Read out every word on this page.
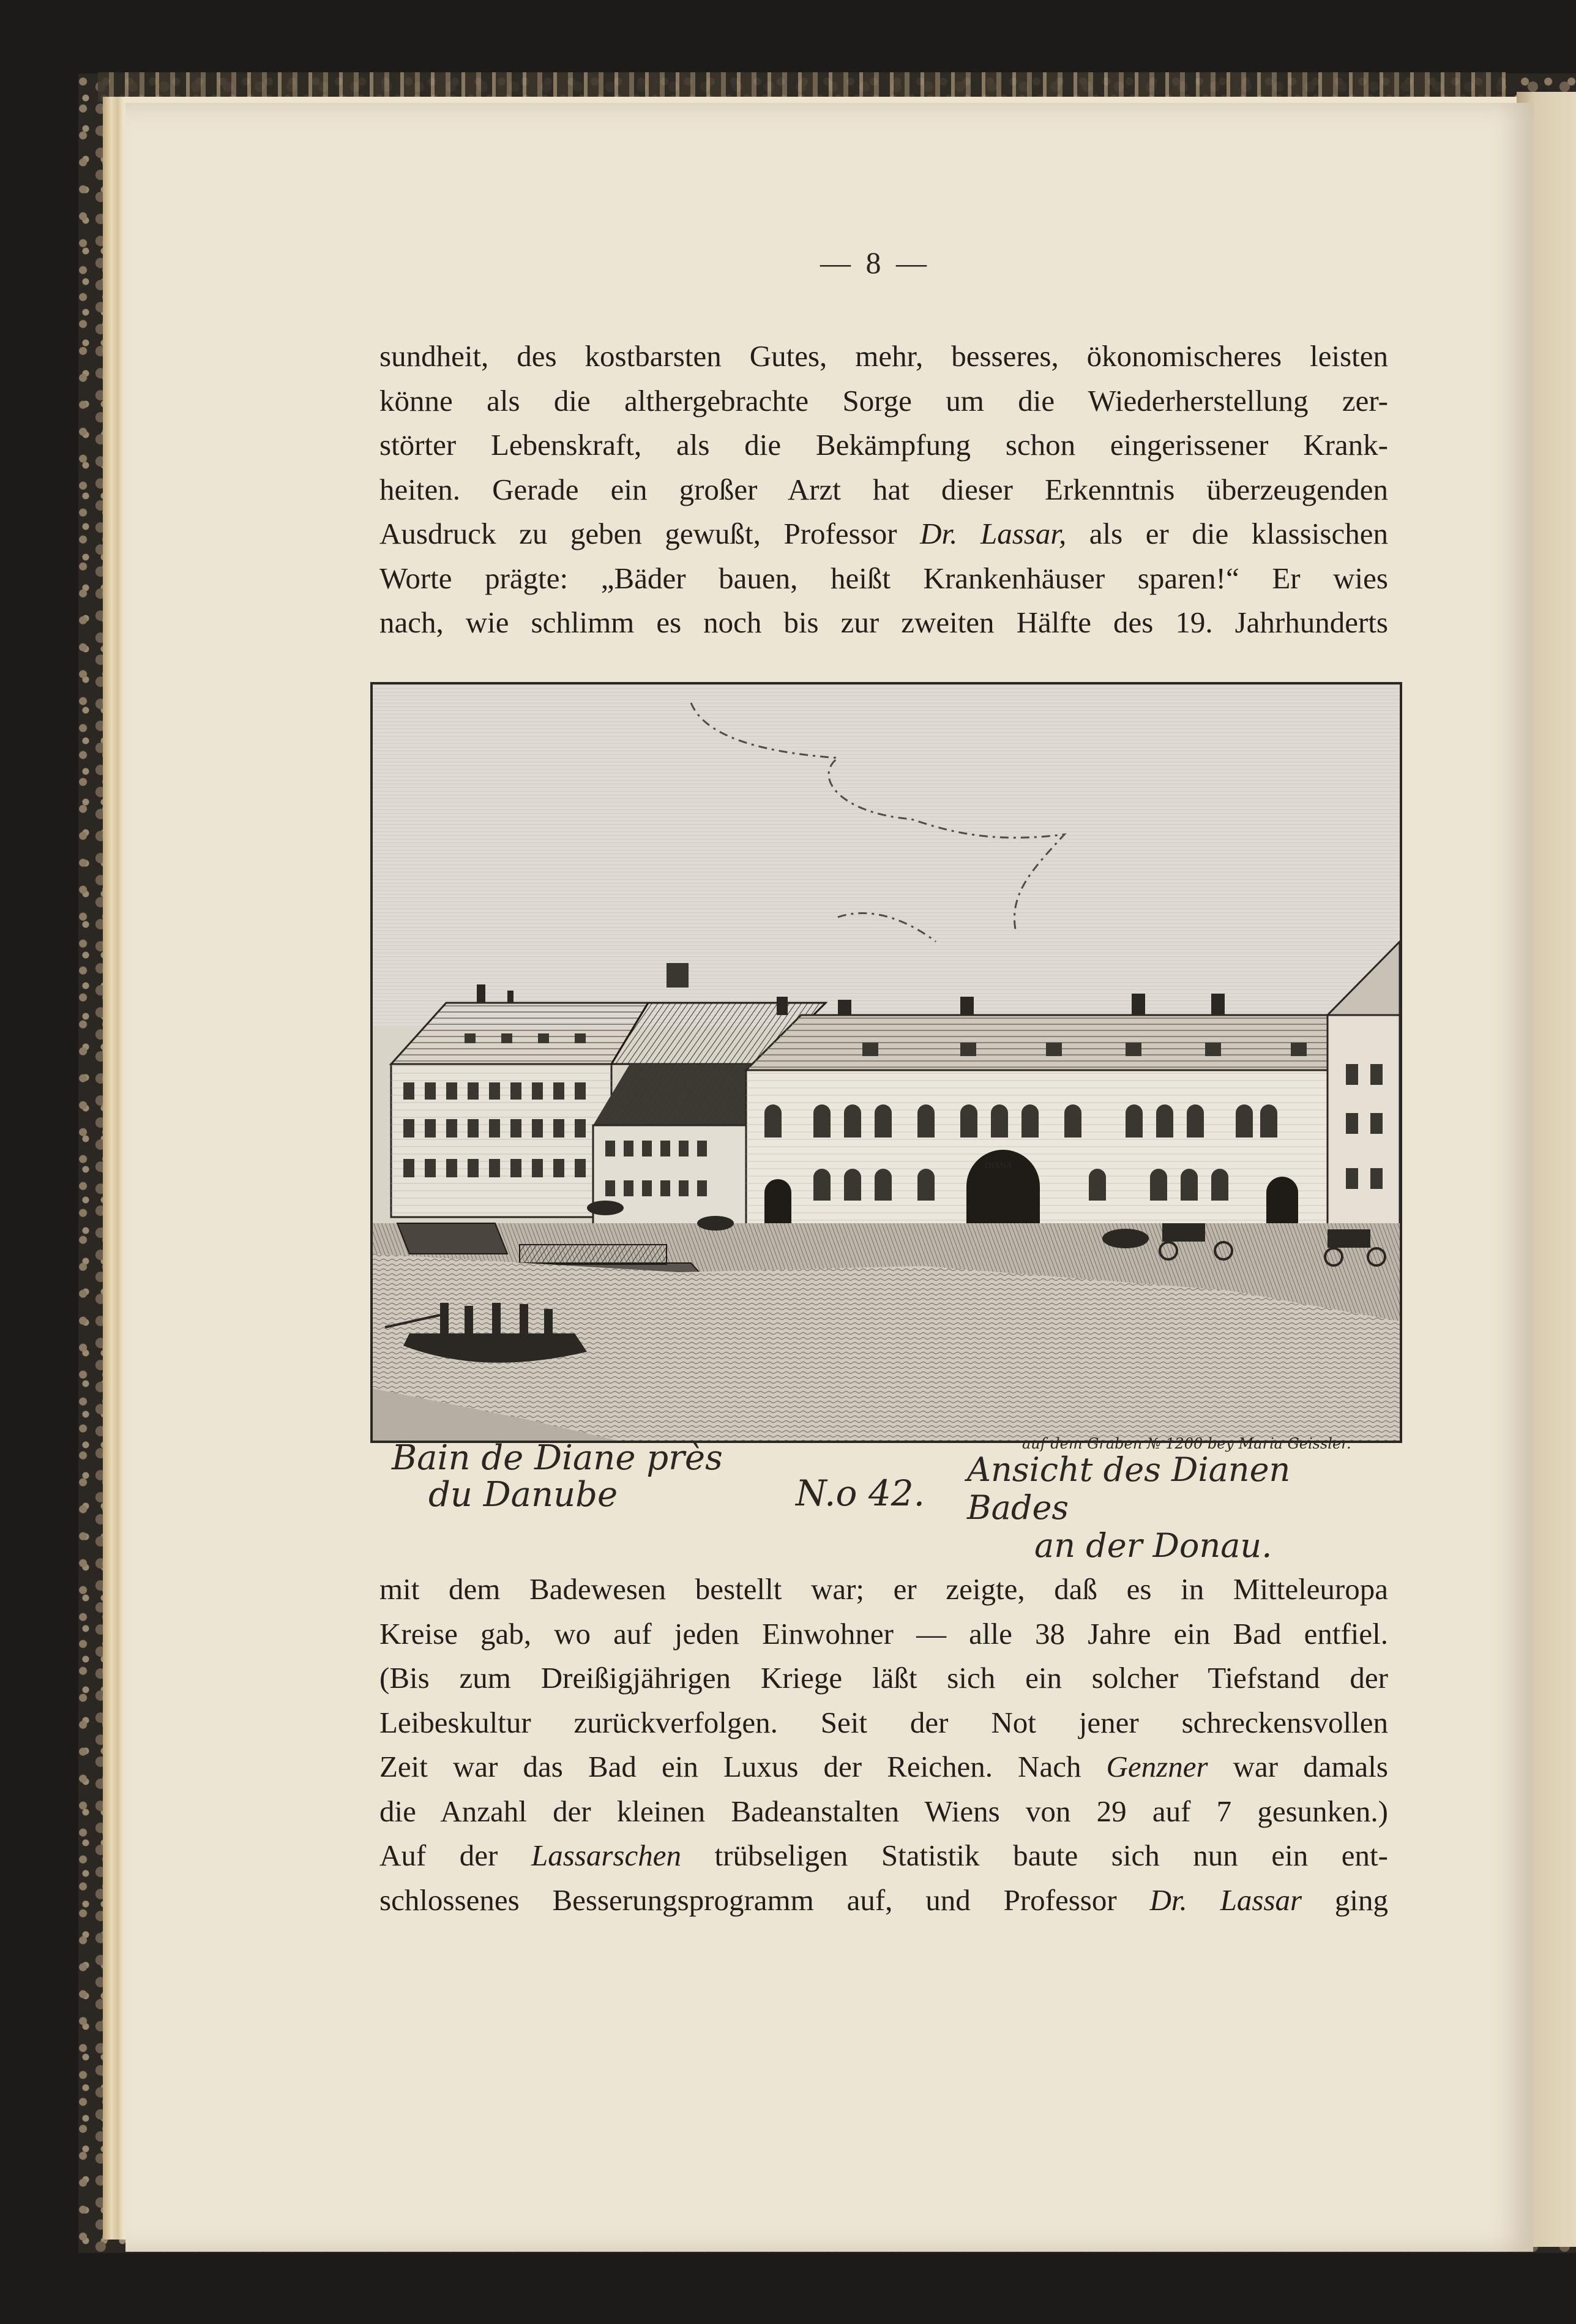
— 8 —
sundheit, des kostbarsten Gutes, mehr, besseres, ökonomischeres leisten
könne als die althergebrachte Sorge um die Wiederherstellung zer-
störter Lebenskraft, als die Bekämpfung schon eingerissener Krank-
heiten. Gerade ein großer Arzt hat dieser Erkenntnis überzeugenden
Ausdruck zu geben gewußt, Professor Dr. Lassar, als er die klassischen
Worte prägte: „Bäder bauen, heißt Krankenhäuser sparen!“ Er wies
nach, wie schlimm es noch bis zur zweiten Hälfte des 19. Jahrhunderts
DIANA
Bain de Diane près
du Danube	N.o 42.
auf dem Graben № 1200 bey Maria Geissler.
Ansicht des Dianen Bades
an der Donau.
mit dem Badewesen bestellt war; er zeigte, daß es in Mitteleuropa
Kreise gab, wo auf jeden Einwohner — alle 38 Jahre ein Bad entfiel.
(Bis zum Dreißigjährigen Kriege läßt sich ein solcher Tiefstand der
Leibeskultur zurückverfolgen. Seit der Not jener schreckensvollen
Zeit war das Bad ein Luxus der Reichen. Nach Genzner war damals
die Anzahl der kleinen Badeanstalten Wiens von 29 auf 7 gesunken.)
Auf der Lassarschen trübseligen Statistik baute sich nun ein ent-
schlossenes Besserungsprogramm auf, und Professor Dr. Lassar ging
